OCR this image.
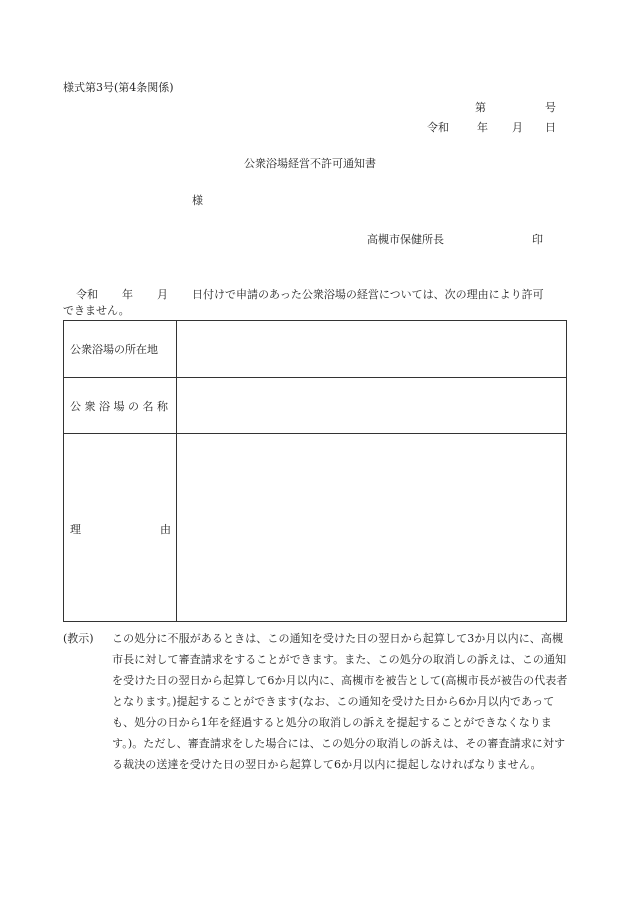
様式第3号(第4条関係)
第	号
令和	年 月 日
公衆浴場経営不許可通知書
様
高槻市保健所長	印
令和 年 月 日付けで申請のあった公衆浴場の経営については、次の理由により許可
できません。
公衆浴場の所在地
公 衆 浴 場 の 名 称
理	由
(教示) この処分に不服があるときは、この通知を受けた日の翌日から起算して3か月以内に、高槻市長に対して審査請求をすることができます。また、この処分の取消しの訴えは、この通知を受けた日の翌日から起算して6か月以内に、高槻市を被告として(高槻市長が被告の代表者となります。)提起することができます(なお、この通知を受けた日から6か月以内であっても、処分の日から1年を経過すると処分の取消しの訴えを提起することができなくなります。)。ただし、審査請求をした場合には、この処分の取消しの訴えは、その審査請求に対する裁決の送達を受けた日の翌日から起算して6か月以内に提起しなければなりません。
